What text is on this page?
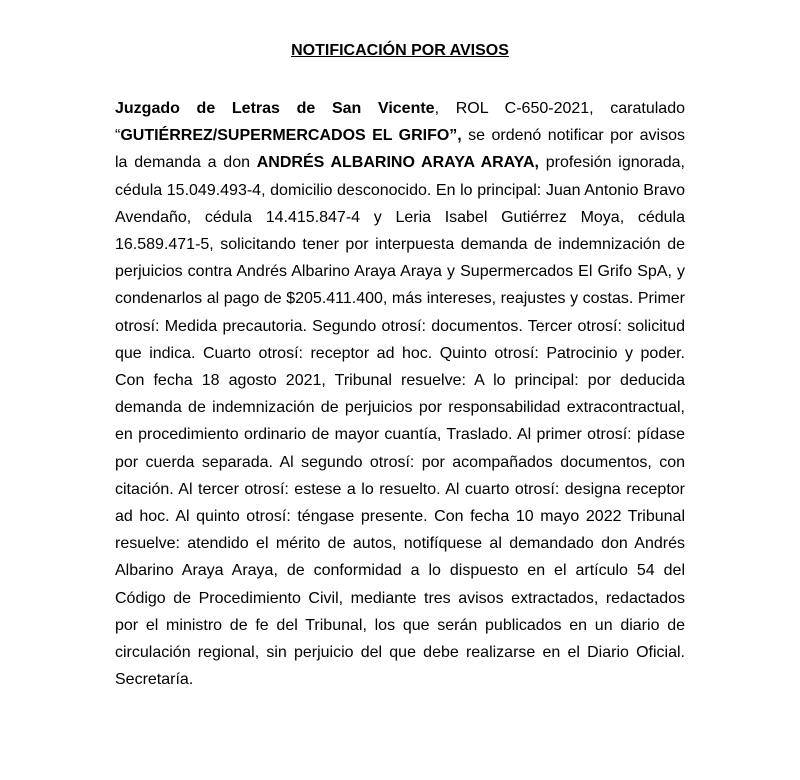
NOTIFICACIÓN POR AVISOS
Juzgado de Letras de San Vicente, ROL C-650-2021, caratulado “GUTIÉRREZ/SUPERMERCADOS EL GRIFO”, se ordenó notificar por avisos la demanda a don ANDRÉS ALBARINO ARAYA ARAYA, profesión ignorada, cédula 15.049.493-4, domicilio desconocido. En lo principal: Juan Antonio Bravo Avendaño, cédula 14.415.847-4 y Leria Isabel Gutiérrez Moya, cédula 16.589.471-5, solicitando tener por interpuesta demanda de indemnización de perjuicios contra Andrés Albarino Araya Araya y Supermercados El Grifo SpA, y condenarlos al pago de $205.411.400, más intereses, reajustes y costas. Primer otrosí: Medida precautoria. Segundo otrosí: documentos. Tercer otrosí: solicitud que indica. Cuarto otrosí: receptor ad hoc. Quinto otrosí: Patrocinio y poder. Con fecha 18 agosto 2021, Tribunal resuelve: A lo principal: por deducida demanda de indemnización de perjuicios por responsabilidad extracontractual, en procedimiento ordinario de mayor cuantía, Traslado. Al primer otrosí: pídase por cuerda separada. Al segundo otrosí: por acompañados documentos, con citación. Al tercer otrosí: estese a lo resuelto. Al cuarto otrosí: designa receptor ad hoc. Al quinto otrosí: téngase presente. Con fecha 10 mayo 2022 Tribunal resuelve: atendido el mérito de autos, notifíquese al demandado don Andrés Albarino Araya Araya, de conformidad a lo dispuesto en el artículo 54 del Código de Procedimiento Civil, mediante tres avisos extractados, redactados por el ministro de fe del Tribunal, los que serán publicados en un diario de circulación regional, sin perjuicio del que debe realizarse en el Diario Oficial. Secretaría.
